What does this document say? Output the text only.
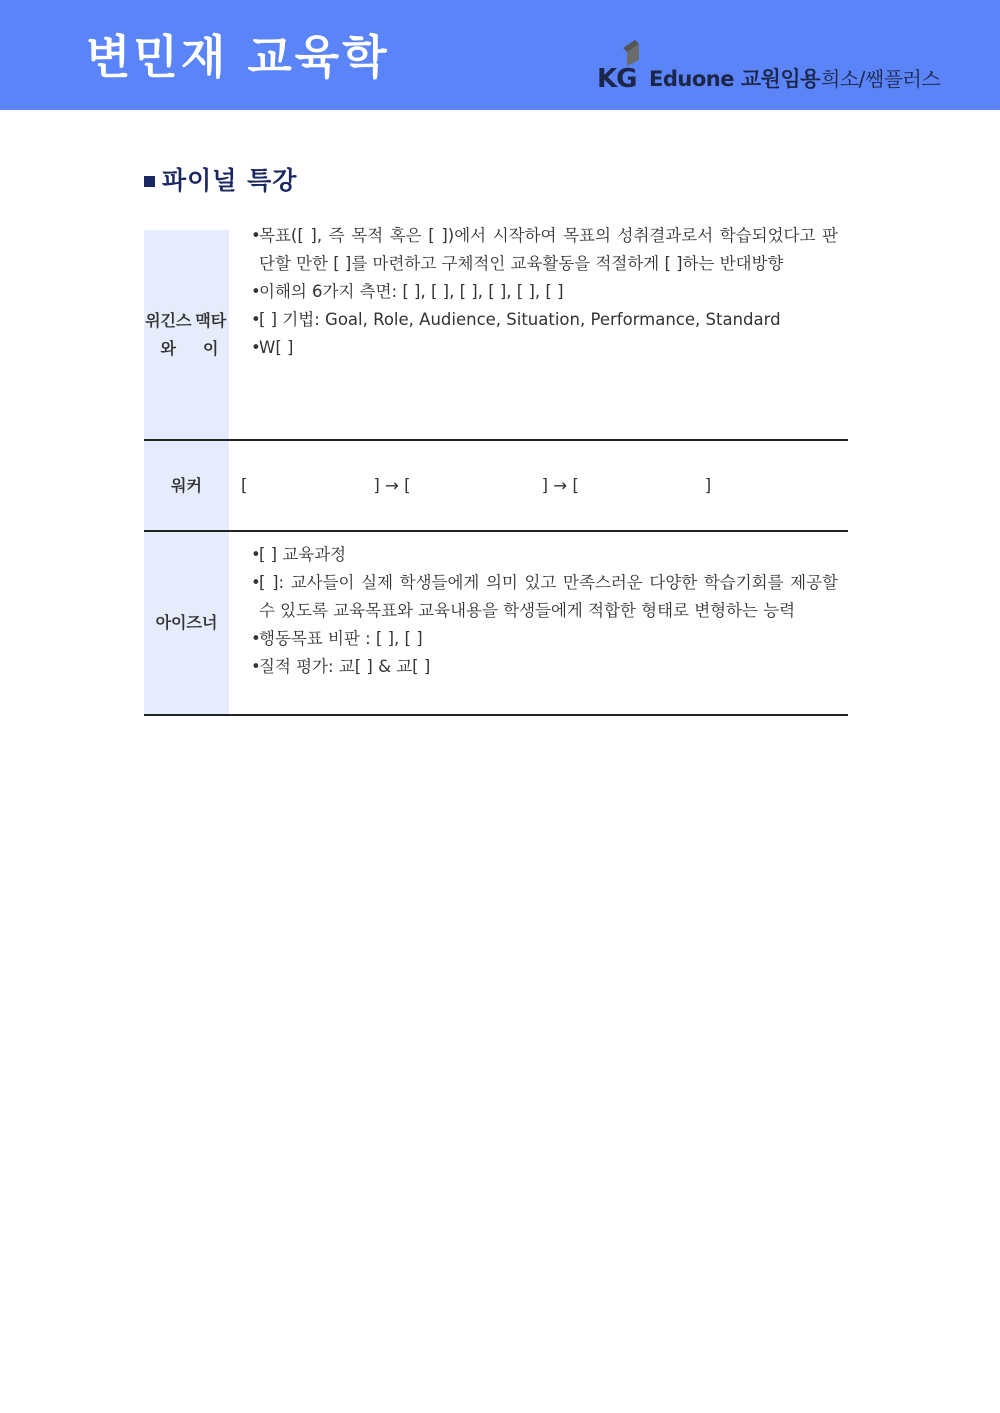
변민재 교육학	KG Eduone 교원임용 희소/쌤플러스
파이널 특강
위긴스와

맥타이
•목표([ ], 즉 목적 혹은 [ ])에서 시작하여 목표의 성취결과로서 학습되었다고 판단할 만한 [ ]를 마련하고 구체적인 교육활동을 적절하게 [ ]하는 반대방향
•이해의 6가지 측면: [ ], [ ], [ ], [ ], [ ], [ ]
•[ ] 기법: Goal, Role, Audience, Situation, Performance, Standard
•W[ ]
워커	[                        ] → [                         ] → [                        ]
아이즈너
•[ ] 교육과정
•[ ]: 교사들이 실제 학생들에게 의미 있고 만족스러운 다양한 학습기회를 제공할 수 있도록 교육목표와 교육내용을 학생들에게 적합한 형태로 변형하는 능력
•행동목표 비판 : [ ], [ ]
•질적 평가: 교[ ] & 교[ ]
